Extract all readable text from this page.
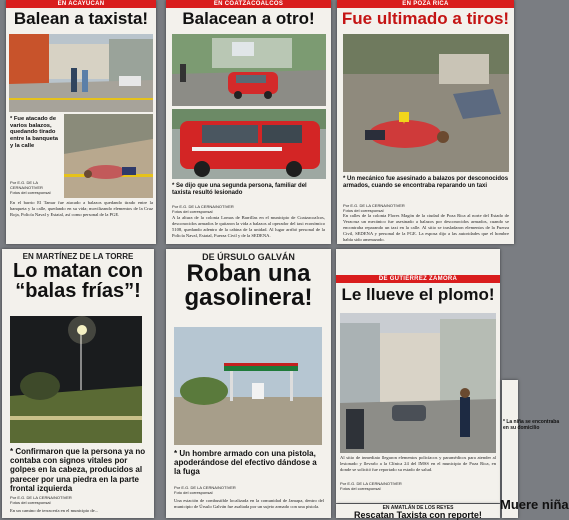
EN ACAYUCAN
Balean a taxista!
* Fue atacado de varios balazos, quedando tirado entre la banqueta y la calle
Por E.G. DE LA CERNA/NOTIVER
Fotos del corresponsal
En el barrio El Tamar fue atacado a balazos quedando tirado entre la banqueta y la calle, quedando en su vida; movilizando elementos de la Cruz Roja, Policía Naval y Estatal, así como personal de la PGE.
EN COATZACOALCOS
Balacean a otro!
* Se dijo que una segunda persona, familiar del taxista resultó lesionado
Por E.G. DE LA CERNA/NOTIVER
Fotos del corresponsal
A la altura de la colonia Lomas de Barrillas en el municipio de Coatzacoalcos, desconocidos armados le quitaron la vida a balazos al operador del taxi económico 5108, quedando adentro de la cabina de la unidad. Al lugar arribó personal de la Policía Naval, Estatal, Fuerza Civil y de la SEDENA.
EN POZA RICA
Fue ultimado a tiros!
* Un mecánico fue asesinado a balazos por desconocidos armados, cuando se encontraba reparando un taxi
Por E.G. DE LA CERNA/NOTIVER
Fotos del corresponsal
En calles de la colonia Flores Magón de la ciudad de Poza Rica al norte del Estado de Veracruz un mecánico fue asesinado a balazos por desconocidos armados, cuando se encontraba reparando un taxi en la calle. Al sitio se trasladaron elementos de la Fuerza Civil, SEDENA y personal de la FGE. La esposa dijo a las autoridades que el hombre había sido amenazado.
EN MARTÍNEZ DE LA TORRE
Lo matan con
“balas frías”!
* Confirmaron que la persona ya no contaba con signos vitales por golpes en la cabeza, producidos al parecer por una piedra en la parte frontal izquierda
Por E.G. DE LA CERNA/NOTIVER
Fotos del corresponsal
En un camino de terracería en el municipio de...
DE ÚRSULO GALVÁN
Roban una
gasolinera!
* Un hombre armado con una pistola, apoderándose del efectivo dándose a la fuga
Por E.G. DE LA CERNA/NOTIVER
Foto del corresponsal
Una estación de combustible localizada en la comunidad de Jamapa, dentro del municipio de Úrsulo Galván fue asaltada por un sujeto armado con una pistola.
DE GUTIÉRREZ ZAMORA
Le llueve el plomo!
Al sitio de inmediato llegaron elementos policíacos y paramédicos para atender al lesionado y llevarlo a la Clínica 24 del IMSS en el municipio de Poza Rica, en donde se solicitó fue reportado su estado de salud.
Por E.G. DE LA CERNA/NOTIVER
Fotos del corresponsal
EN AMATLÁN DE LOS REYES
Rescatan Taxista con reporte!
* La niña se encontraba en su domicilio
Muere niña
